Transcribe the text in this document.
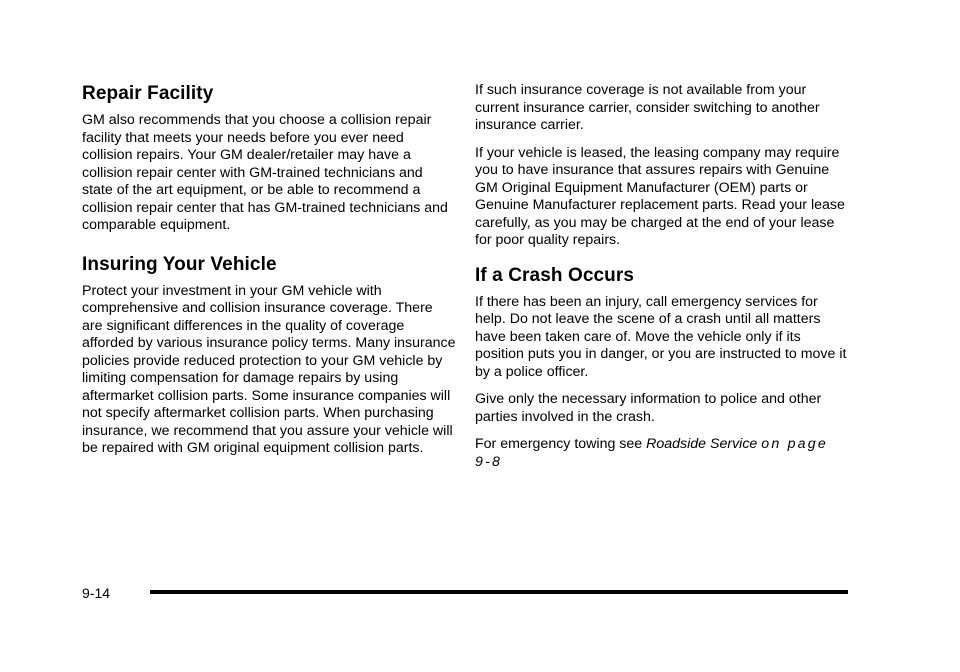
Repair Facility

GM also recommends that you choose a collision repair facility that meets your needs before you ever need collision repairs. Your GM dealer/retailer may have a collision repair center with GM-trained technicians and state of the art equipment, or be able to recommend a collision repair center that has GM-trained technicians and comparable equipment.

Insuring Your Vehicle

Protect your investment in your GM vehicle with comprehensive and collision insurance coverage. There are significant differences in the quality of coverage afforded by various insurance policy terms. Many insurance policies provide reduced protection to your GM vehicle by limiting compensation for damage repairs by using aftermarket collision parts. Some insurance companies will not specify aftermarket collision parts. When purchasing insurance, we recommend that you assure your vehicle will be repaired with GM original equipment collision parts.

If such insurance coverage is not available from your current insurance carrier, consider switching to another insurance carrier.

If your vehicle is leased, the leasing company may require you to have insurance that assures repairs with Genuine GM Original Equipment Manufacturer (OEM) parts or Genuine Manufacturer replacement parts. Read your lease carefully, as you may be charged at the end of your lease for poor quality repairs.

If a Crash Occurs

If there has been an injury, call emergency services for help. Do not leave the scene of a crash until all matters have been taken care of. Move the vehicle only if its position puts you in danger, or you are instructed to move it by a police officer.

Give only the necessary information to police and other parties involved in the crash.

For emergency towing see Roadside Service on page 9-8

9-14
